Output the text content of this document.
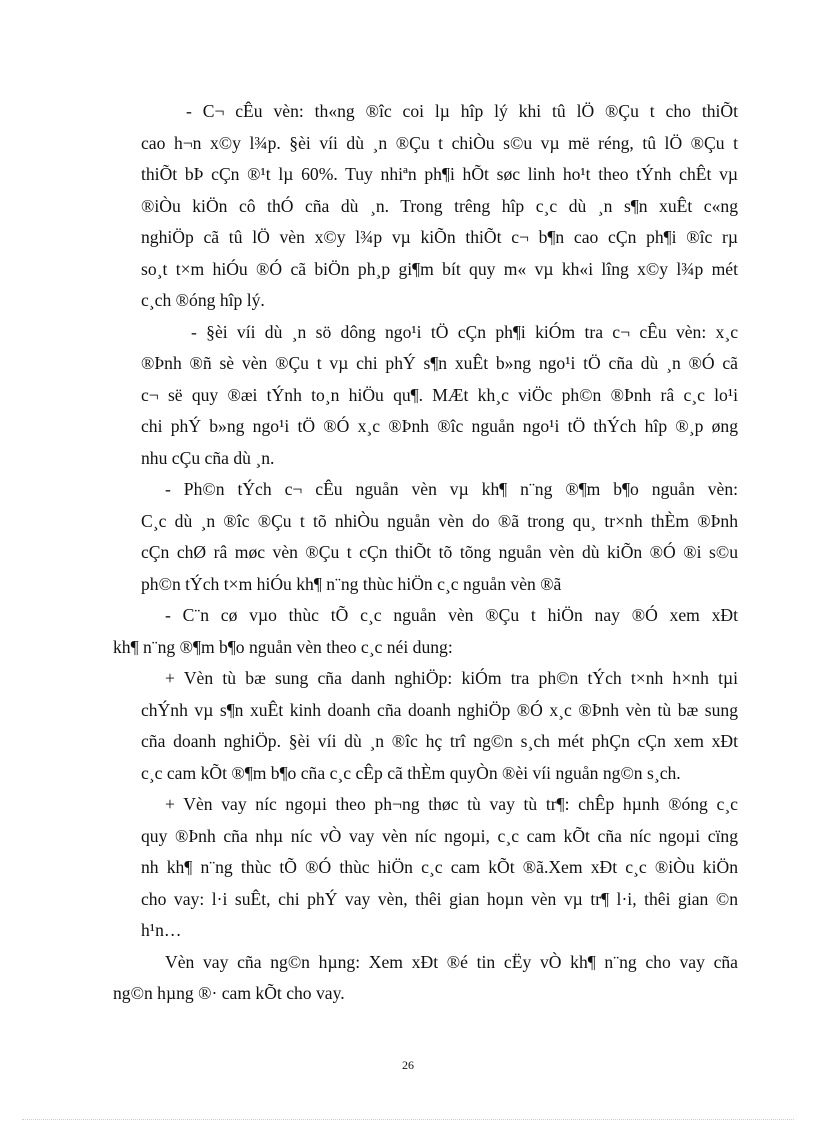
- C¬ cÊu vèn: th«ng ®îc coi lµ hîp lý khi tû lÖ ®Çu t cho thiÕt
cao h¬n x©y l¾p. §èi víi dù ¸n ®Çu t chiÒu s©u vµ më réng, tû lÖ ®Çu t
thiÕt bÞ cÇn ®¹t lµ 60%. Tuy nhiªn ph¶i hÕt søc linh ho¹t theo tÝnh chÊt vµ
®iÒu kiÖn cô thÓ cña dù ¸n. Trong trêng hîp c¸c dù ¸n s¶n xuÊt c«ng
nghiÖp cã tû lÖ vèn x©y l¾p vµ kiÕn thiÕt c¬ b¶n cao cÇn ph¶i ®îc rµ
so¸t t×m hiÓu ®Ó cã biÖn ph¸p gi¶m bít quy m« vµ kh«i lîng x©y l¾p mét
c¸ch ®óng hîp lý.
- §èi víi dù ¸n sö dông ngo¹i tÖ cÇn ph¶i kiÓm tra c¬ cÊu vèn: x¸c
®Þnh ®ñ sè vèn ®Çu t vµ chi phÝ s¶n xuÊt b»ng ngo¹i tÖ cña dù ¸n ®Ó cã
c¬ së quy ®æi tÝnh to¸n hiÖu qu¶. MÆt kh¸c viÖc ph©n ®Þnh râ c¸c lo¹i
chi phÝ b»ng ngo¹i tÖ ®Ó x¸c ®Þnh ®îc nguån ngo¹i tÖ thÝch hîp ®¸p øng
nhu cÇu cña dù ¸n.
- Ph©n tÝch c¬ cÊu nguån vèn vµ kh¶ n¨ng ®¶m b¶o nguån vèn:
C¸c dù ¸n ®îc ®Çu t tõ nhiÒu nguån vèn do ®ã trong qu¸ tr×nh thÈm ®Þnh
cÇn chØ râ møc vèn ®Çu t cÇn thiÕt tõ tõng nguån vèn dù kiÕn ®Ó ®i s©u
ph©n tÝch t×m hiÓu kh¶ n¨ng thùc hiÖn c¸c nguån vèn ®ã
- C¨n cø vµo thùc tÕ c¸c nguån vèn ®Çu t hiÖn nay ®Ó xem xÐt
kh¶ n¨ng ®¶m b¶o nguån vèn theo c¸c néi dung:
+ Vèn tù bæ sung cña danh nghiÖp: kiÓm tra ph©n tÝch t×nh h×nh tµi
chÝnh vµ s¶n xuÊt kinh doanh cña doanh nghiÖp ®Ó x¸c ®Þnh vèn tù bæ sung
cña doanh nghiÖp. §èi víi dù ¸n ®îc hç trî ng©n s¸ch mét phÇn cÇn xem xÐt
c¸c cam kÕt ®¶m b¶o cña c¸c cÊp cã thÈm quyÒn ®èi víi nguån ng©n s¸ch.
+ Vèn vay níc ngoµi theo ph¬ng thøc tù vay tù tr¶: chÊp hµnh ®óng c¸c
quy ®Þnh cña nhµ níc vÒ vay vèn níc ngoµi, c¸c cam kÕt cña níc ngoµi cïng
nh kh¶ n¨ng thùc tÕ ®Ó thùc hiÖn c¸c cam kÕt ®ã.Xem xÐt c¸c ®iÒu kiÖn
cho vay: l·i suÊt, chi phÝ vay vèn, thêi gian hoµn vèn vµ tr¶ l·i, thêi gian ©n
h¹n…
Vèn vay cña ng©n hµng: Xem xÐt ®é tin cËy vÒ kh¶ n¨ng cho vay cña
ng©n hµng ®· cam kÕt cho vay.
26
